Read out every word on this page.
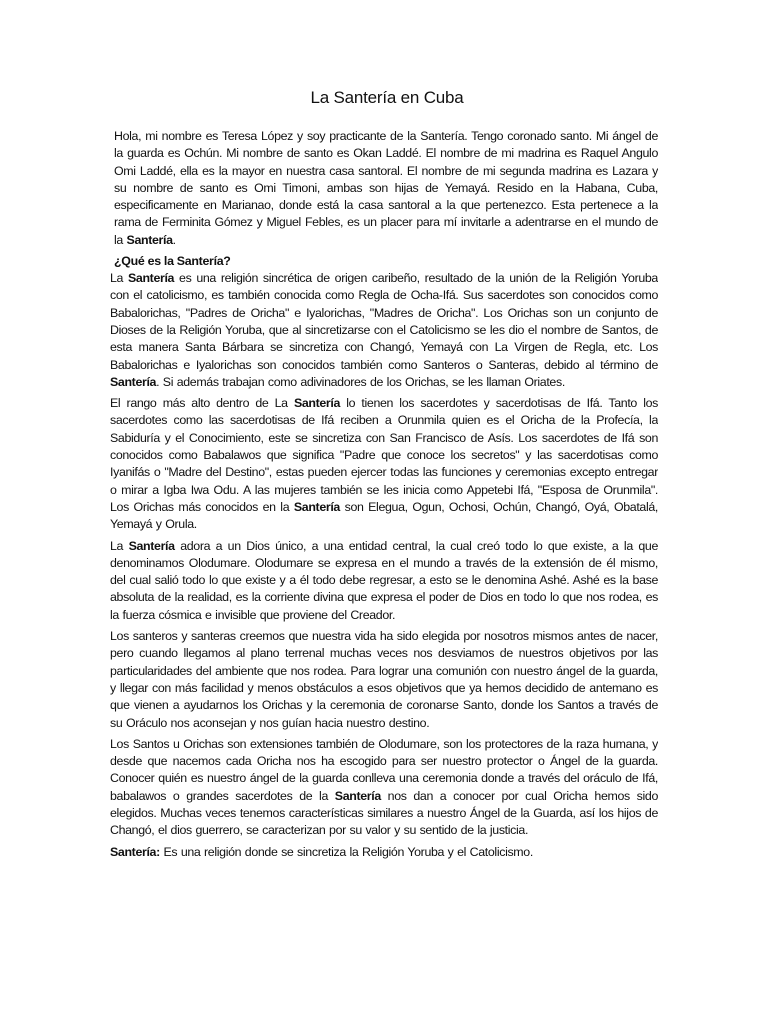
La Santería en Cuba

Hola, mi nombre es Teresa López y soy practicante de la Santería. Tengo coronado santo. Mi ángel de la guarda es Ochún. Mi nombre de santo es Okan Laddé. El nombre de mi madrina es Raquel Angulo Omi Laddé, ella es la mayor en nuestra casa santoral. El nombre de mi segunda madrina es Lazara y su nombre de santo es Omi Timoni, ambas son hijas de Yemayá. Resido en la Habana, Cuba, especificamente en Marianao, donde está la casa santoral a la que pertenezco. Esta pertenece a la rama de Ferminita Gómez y Miguel Febles, es un placer para mí invitarle a adentrarse en el mundo de la Santería.

¿Qué es la Santería?

La Santería es una religión sincrética de origen caribeño, resultado de la unión de la Religión Yoruba con el catolicismo, es también conocida como Regla de Ocha-Ifá. Sus sacerdotes son conocidos como Babalorichas, "Padres de Oricha" e Iyalorichas, "Madres de Oricha". Los Orichas son un conjunto de Dioses de la Religión Yoruba, que al sincretizarse con el Catolicismo se les dio el nombre de Santos, de esta manera Santa Bárbara se sincretiza con Changó, Yemayá con La Virgen de Regla, etc. Los Babalorichas e Iyalorichas son conocidos también como Santeros o Santeras, debido al término de Santería. Si además trabajan como adivinadores de los Orichas, se les llaman Oriates.

El rango más alto dentro de La Santería lo tienen los sacerdotes y sacerdotisas de Ifá. Tanto los sacerdotes como las sacerdotisas de Ifá reciben a Orunmila quien es el Oricha de la Profecía, la Sabiduría y el Conocimiento, este se sincretiza con San Francisco de Asís. Los sacerdotes de Ifá son conocidos como Babalawos que significa "Padre que conoce los secretos" y las sacerdotisas como Iyanifás o "Madre del Destino", estas pueden ejercer todas las funciones y ceremonias excepto entregar o mirar a Igba Iwa Odu. A las mujeres también se les inicia como Appetebi Ifá, "Esposa de Orunmila". Los Orichas más conocidos en la Santería son Elegua, Ogun, Ochosi, Ochún, Changó, Oyá, Obatalá, Yemayá y Orula.

La Santería adora a un Dios único, a una entidad central, la cual creó todo lo que existe, a la que denominamos Olodumare. Olodumare se expresa en el mundo a través de la extensión de él mismo, del cual salió todo lo que existe y a él todo debe regresar, a esto se le denomina Ashé. Ashé es la base absoluta de la realidad, es la corriente divina que expresa el poder de Dios en todo lo que nos rodea, es la fuerza cósmica e invisible que proviene del Creador.

Los santeros y santeras creemos que nuestra vida ha sido elegida por nosotros mismos antes de nacer, pero cuando llegamos al plano terrenal muchas veces nos desviamos de nuestros objetivos por las particularidades del ambiente que nos rodea. Para lograr una comunión con nuestro ángel de la guarda, y llegar con más facilidad y menos obstáculos a esos objetivos que ya hemos decidido de antemano es que vienen a ayudarnos los Orichas y la ceremonia de coronarse Santo, donde los Santos a través de su Oráculo nos aconsejan y nos guían hacia nuestro destino.

Los Santos u Orichas son extensiones también de Olodumare, son los protectores de la raza humana, y desde que nacemos cada Oricha nos ha escogido para ser nuestro protector o Ángel de la guarda. Conocer quién es nuestro ángel de la guarda conlleva una ceremonia donde a través del oráculo de Ifá, babalawos o grandes sacerdotes de la Santería nos dan a conocer por cual Oricha hemos sido elegidos. Muchas veces tenemos características similares a nuestro Ángel de la Guarda, así los hijos de Changó, el dios guerrero, se caracterizan por su valor y su sentido de la justicia.

Santería: Es una religión donde se sincretiza la Religión Yoruba y el Catolicismo.
